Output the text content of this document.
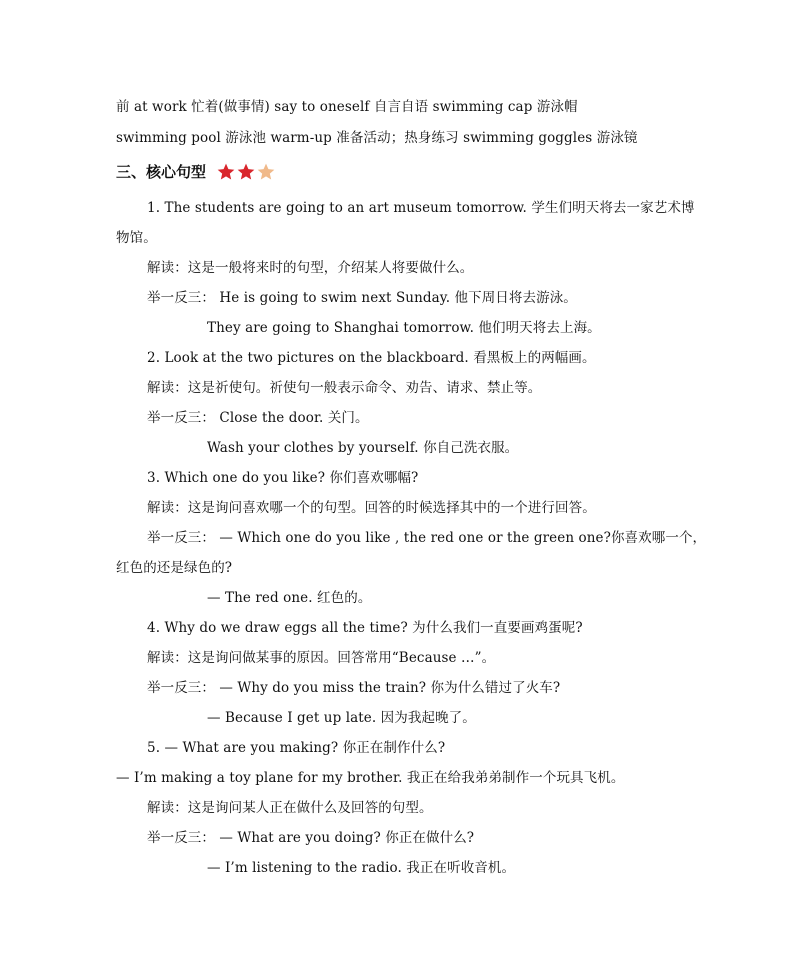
前 at work 忙着(做事情) say to oneself 自言自语 swimming cap 游泳帽
swimming pool 游泳池 warm-up 准备活动；热身练习 swimming goggles 游泳镜
三、核心句型
1. The students are going to an art museum tomorrow. 学生们明天将去一家艺术博
物馆。
解读：这是一般将来时的句型，介绍某人将要做什么。
举一反三： He is going to swim next Sunday. 他下周日将去游泳。
They are going to Shanghai tomorrow. 他们明天将去上海。
2. Look at the two pictures on the blackboard. 看黑板上的两幅画。
解读：这是祈使句。祈使句一般表示命令、劝告、请求、禁止等。
举一反三： Close the door. 关门。
Wash your clothes by yourself. 你自己洗衣服。
3. Which one do you like? 你们喜欢哪幅?
解读：这是询问喜欢哪一个的句型。回答的时候选择其中的一个进行回答。
举一反三： — Which one do you like , the red one or the green one?你喜欢哪一个，
红色的还是绿色的?
— The red one. 红色的。
4. Why do we draw eggs all the time? 为什么我们一直要画鸡蛋呢?
解读：这是询问做某事的原因。回答常用“Because …”。
举一反三： — Why do you miss the train? 你为什么错过了火车?
— Because I get up late. 因为我起晚了。
5. — What are you making? 你正在制作什么?
— I’m making a toy plane for my brother. 我正在给我弟弟制作一个玩具飞机。
解读：这是询问某人正在做什么及回答的句型。
举一反三： — What are you doing? 你正在做什么?
— I’m listening to the radio. 我正在听收音机。
